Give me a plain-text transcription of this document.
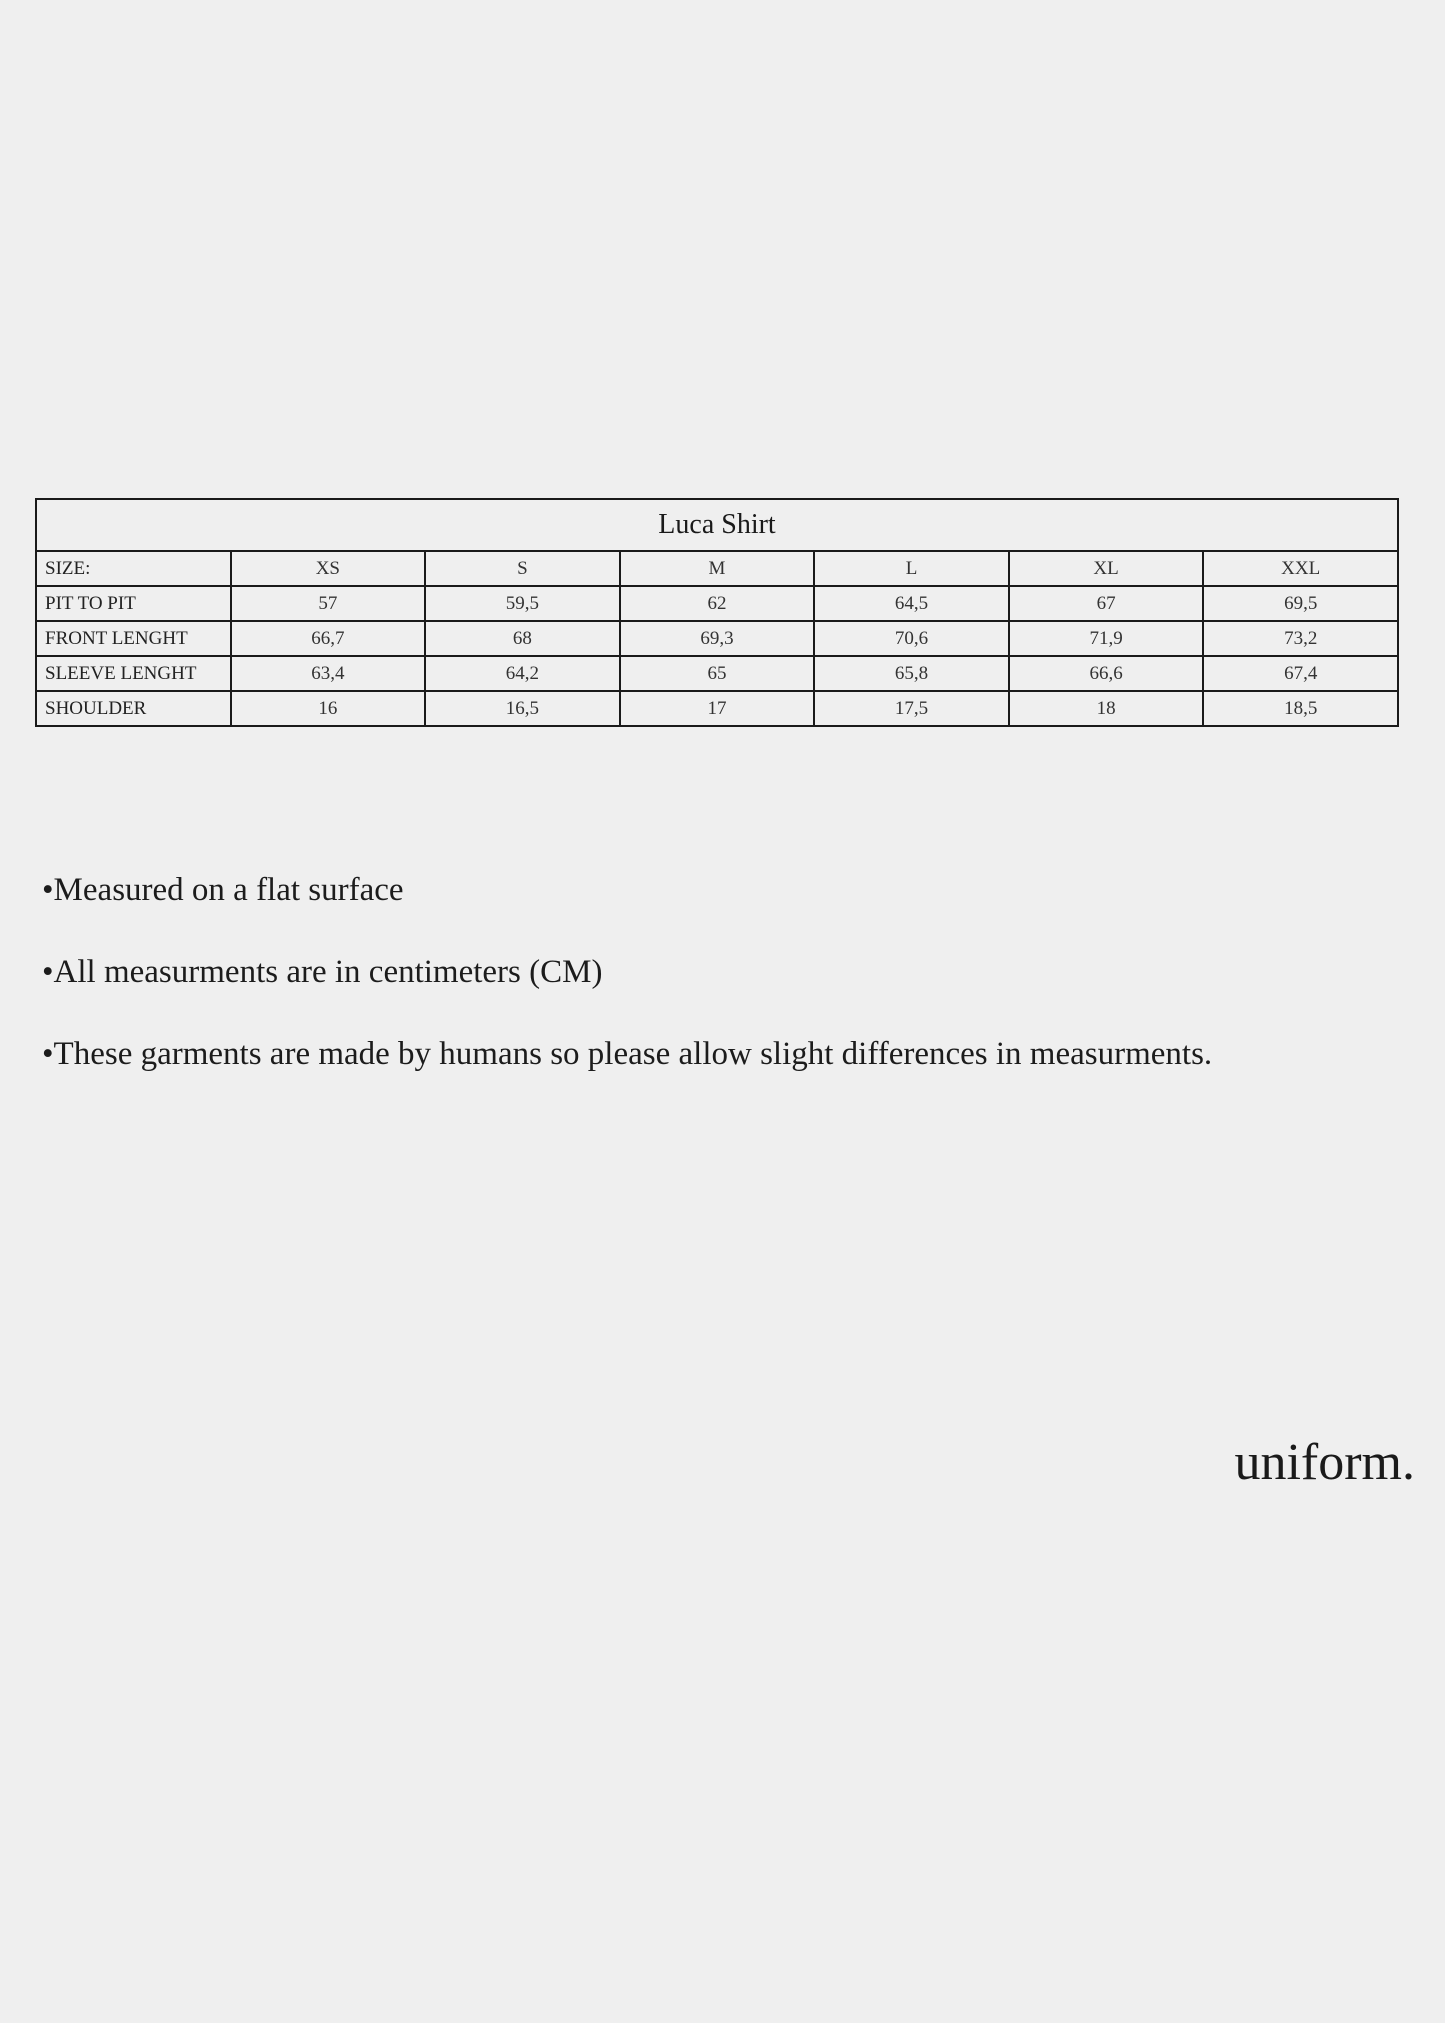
Luca Shirt						
SIZE:	XS	S	M	L	XL	XXL
PIT TO PIT	57	59,5	62	64,5	67	69,5
FRONT LENGHT	66,7	68	69,3	70,6	71,9	73,2
SLEEVE LENGHT	63,4	64,2	65	65,8	66,6	67,4
SHOULDER	16	16,5	17	17,5	18	18,5
•Measured on a flat surface
•All measurments are in centimeters (CM)
•These garments are made by humans so please allow slight differences in measurments.
uniform.
